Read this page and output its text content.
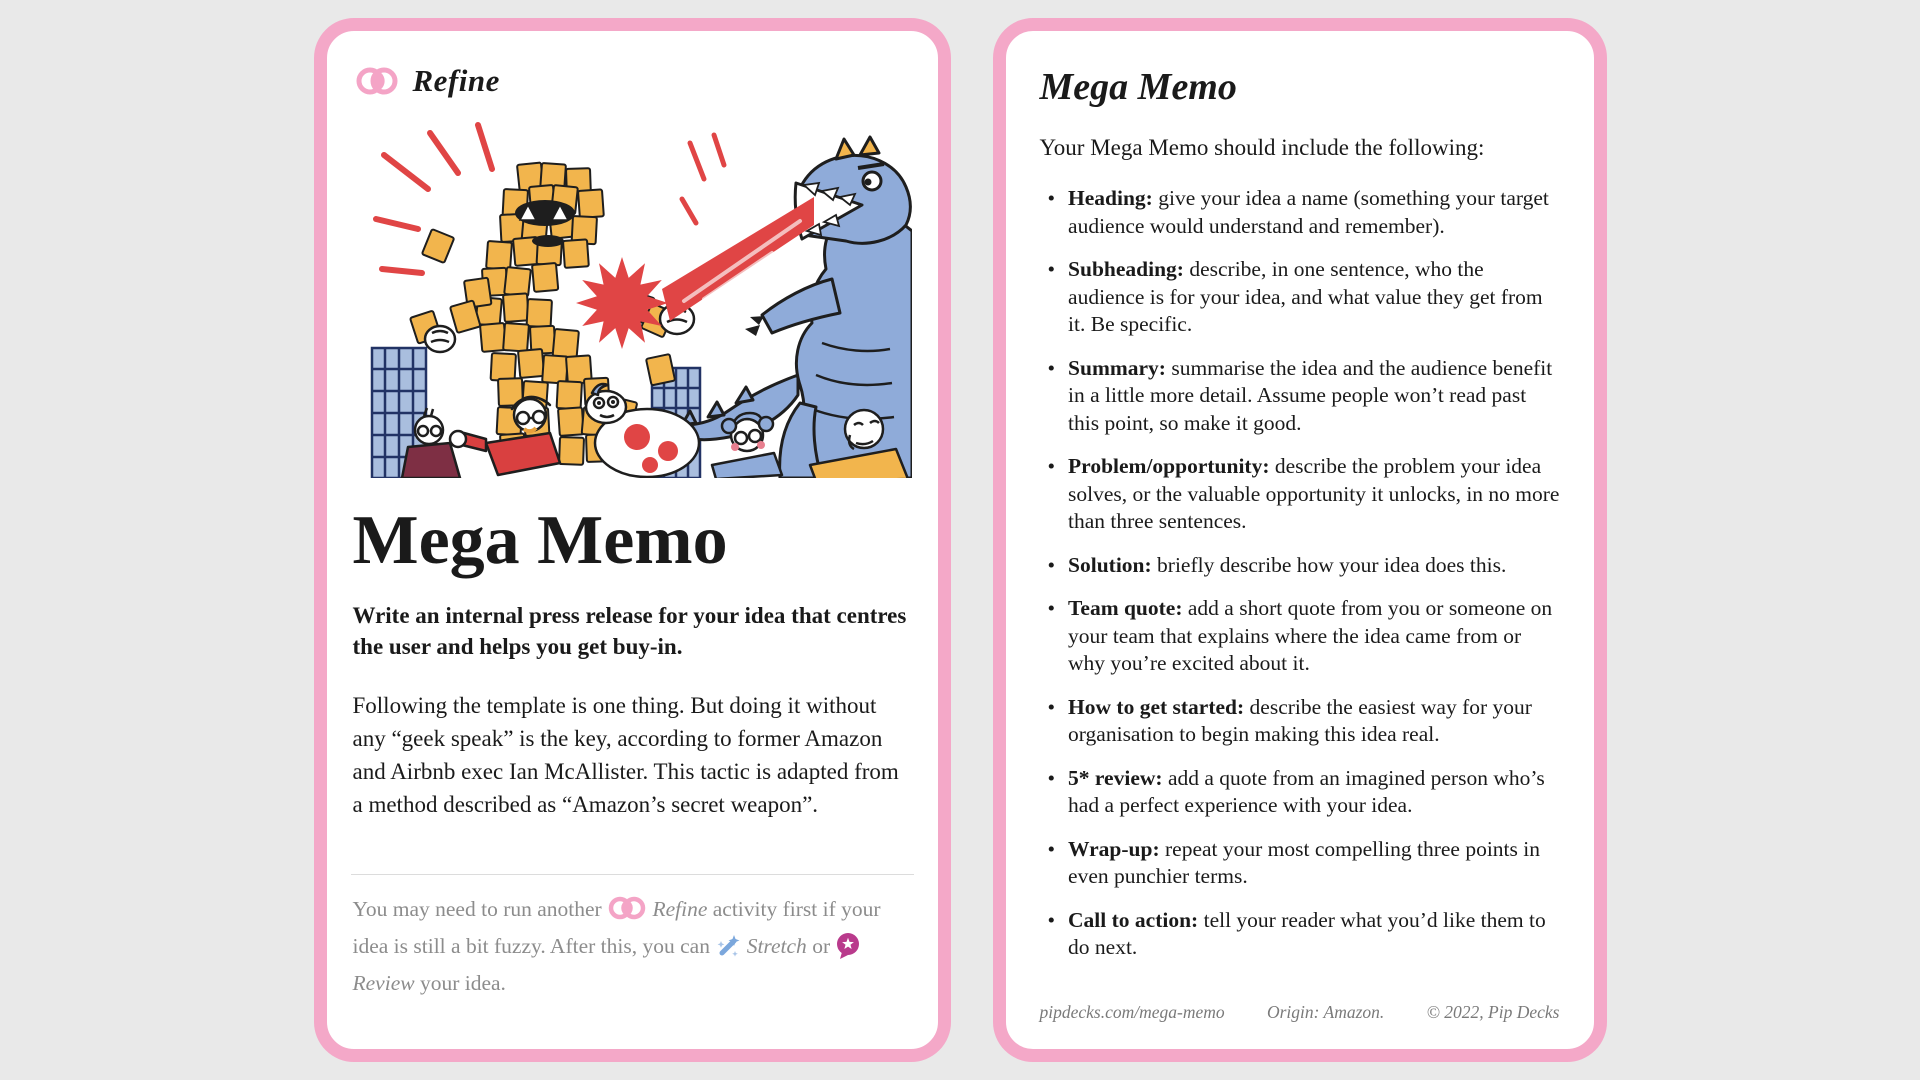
Refine
Mega Memo

Write an internal press release for your idea that centres the user and helps you get buy-in.

Following the template is one thing. But doing it without any “geek speak” is the key, according to former Amazon and Airbnb exec Ian McAllister. This tactic is adapted from a method described as “Amazon’s secret weapon”.

You may need to run another Refine activity first if your idea is still a bit fuzzy. After this, you can Stretch or  Review your idea.

Mega Memo

Your Mega Memo should include the following:

• Heading: give your idea a name (something your target audience would understand and remember).

• Subheading: describe, in one sentence, who the audience is for your idea, and what value they get from it. Be specific.

• Summary: summarise the idea and the audience benefit in a little more detail. Assume people won’t read past this point, so make it good.

• Problem/opportunity: describe the problem your idea solves, or the valuable opportunity it unlocks, in no more than three sentences.

• Solution: briefly describe how your idea does this.

• Team quote: add a short quote from you or someone on your team that explains where the idea came from or why you’re excited about it.

• How to get started: describe the easiest way for your organisation to begin making this idea real.

• 5* review: add a quote from an imagined person who’s had a perfect experience with your idea.

• Wrap-up: repeat your most compelling three points in even punchier terms.

• Call to action: tell your reader what you’d like them to do next.

pipdecks.com/mega-memo	Origin: Amazon.	© 2022, Pip Decks
